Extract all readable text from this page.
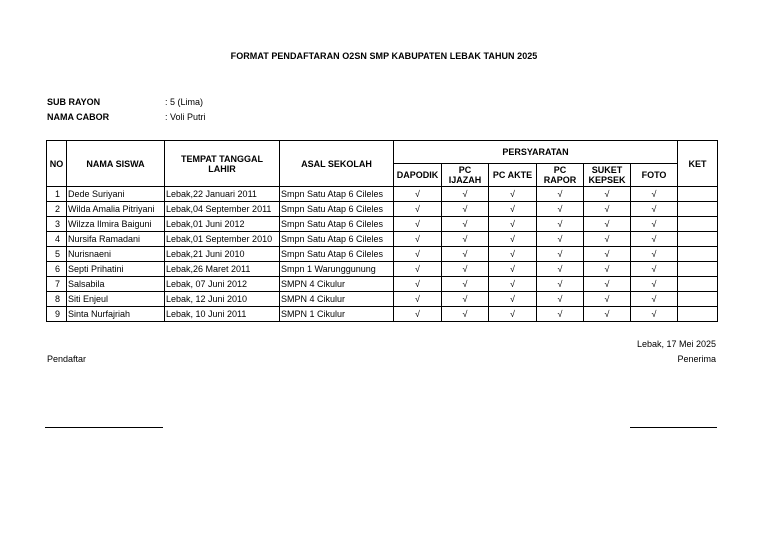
FORMAT PENDAFTARAN O2SN SMP KABUPATEN LEBAK TAHUN 2025
SUB RAYON	: 5 (Lima)
NAMA CABOR	: Voli Putri
NO	NAMA SISWA	TEMPAT TANGGAL LAHIR	ASAL SEKOLAH	PERSYARATAN						KET

				DAPODIK	PC IJAZAH	PC AKTE	PC RAPOR	SUKET KEPSEK	FOTO	
1	Dede Suriyani	Lebak,22 Januari 2011	Smpn Satu Atap 6 Cileles	√	√	√	√	√	√	
2	Wilda Amalia Pitriyani	Lebak,04 September 2011	Smpn Satu Atap 6 Cileles	√	√	√	√	√	√	
3	Wilzza Ilmira Baiguni	Lebak,01 Juni 2012	Smpn Satu Atap 6 Cileles	√	√	√	√	√	√	
4	Nursifa Ramadani	Lebak,01 September 2010	Smpn Satu Atap 6 Cileles	√	√	√	√	√	√	
5	Nurisnaeni	Lebak,21 Juni 2010	Smpn Satu Atap 6 Cileles	√	√	√	√	√	√	
6	Septi Prihatini	Lebak,26 Maret 2011	Smpn 1 Warunggunung	√	√	√	√	√	√	
7	Salsabila	Lebak, 07 Juni 2012	SMPN 4 Cikulur	√	√	√	√	√	√	
8	Siti Enjeul	Lebak, 12 Juni 2010	SMPN 4 Cikulur	√	√	√	√	√	√	
9	Sinta Nurfajriah	Lebak, 10 Juni 2011	SMPN 1 Cikulur	√	√	√	√	√	√	
Lebak, 17 Mei 2025
Pendaftar	Penerima
